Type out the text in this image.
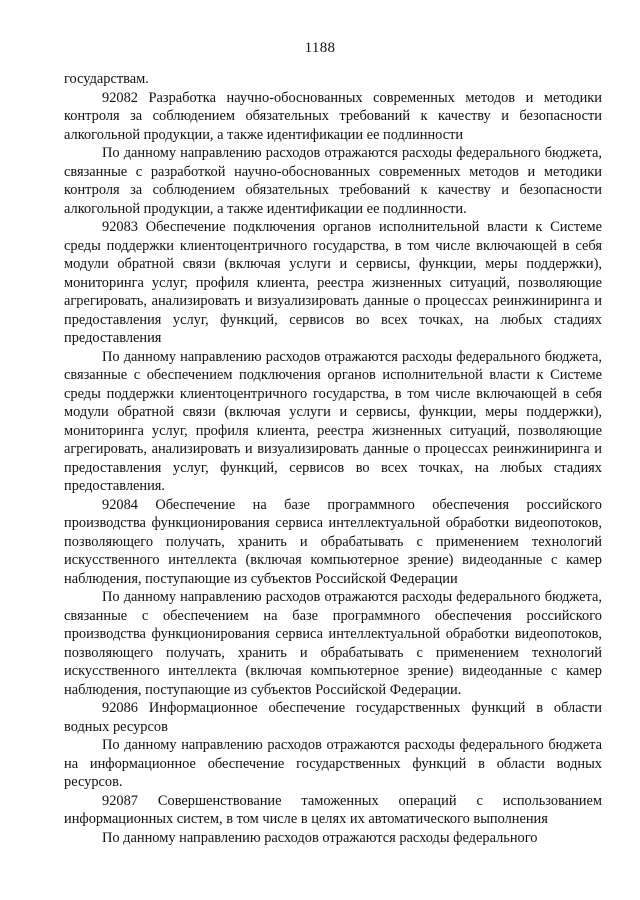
1188

государствам.

92082 Разработка научно-обоснованных современных методов и методики контроля за соблюдением обязательных требований к качеству и безопасности алкогольной продукции, а также идентификации ее подлинности

По данному направлению расходов отражаются расходы федерального бюджета, связанные с разработкой научно-обоснованных современных методов и методики контроля за соблюдением обязательных требований к качеству и безопасности алкогольной продукции, а также идентификации ее подлинности.

92083 Обеспечение подключения органов исполнительной власти к Системе среды поддержки клиентоцентричного государства, в том числе включающей в себя модули обратной связи (включая услуги и сервисы, функции, меры поддержки), мониторинга услуг, профиля клиента, реестра жизненных ситуаций, позволяющие агрегировать, анализировать и визуализировать данные о процессах реинжиниринга и предоставления услуг, функций, сервисов во всех точках, на любых стадиях предоставления

По данному направлению расходов отражаются расходы федерального бюджета, связанные с обеспечением подключения органов исполнительной власти к Системе среды поддержки клиентоцентричного государства, в том числе включающей в себя модули обратной связи (включая услуги и сервисы, функции, меры поддержки), мониторинга услуг, профиля клиента, реестра жизненных ситуаций, позволяющие агрегировать, анализировать и визуализировать данные о процессах реинжиниринга и предоставления услуг, функций, сервисов во всех точках, на любых стадиях предоставления.

92084 Обеспечение на базе программного обеспечения российского производства функционирования сервиса интеллектуальной обработки видеопотоков, позволяющего получать, хранить и обрабатывать с применением технологий искусственного интеллекта (включая компьютерное зрение) видеоданные с камер наблюдения, поступающие из субъектов Российской Федерации

По данному направлению расходов отражаются расходы федерального бюджета, связанные с обеспечением на базе программного обеспечения российского производства функционирования сервиса интеллектуальной обработки видеопотоков, позволяющего получать, хранить и обрабатывать с применением технологий искусственного интеллекта (включая компьютерное зрение) видеоданные с камер наблюдения, поступающие из субъектов Российской Федерации.

92086 Информационное обеспечение государственных функций в области водных ресурсов

По данному направлению расходов отражаются расходы федерального бюджета на информационное обеспечение государственных функций в области водных ресурсов.

92087 Совершенствование таможенных операций с использованием информационных систем, в том числе в целях их автоматического выполнения

По данному направлению расходов отражаются расходы федерального
